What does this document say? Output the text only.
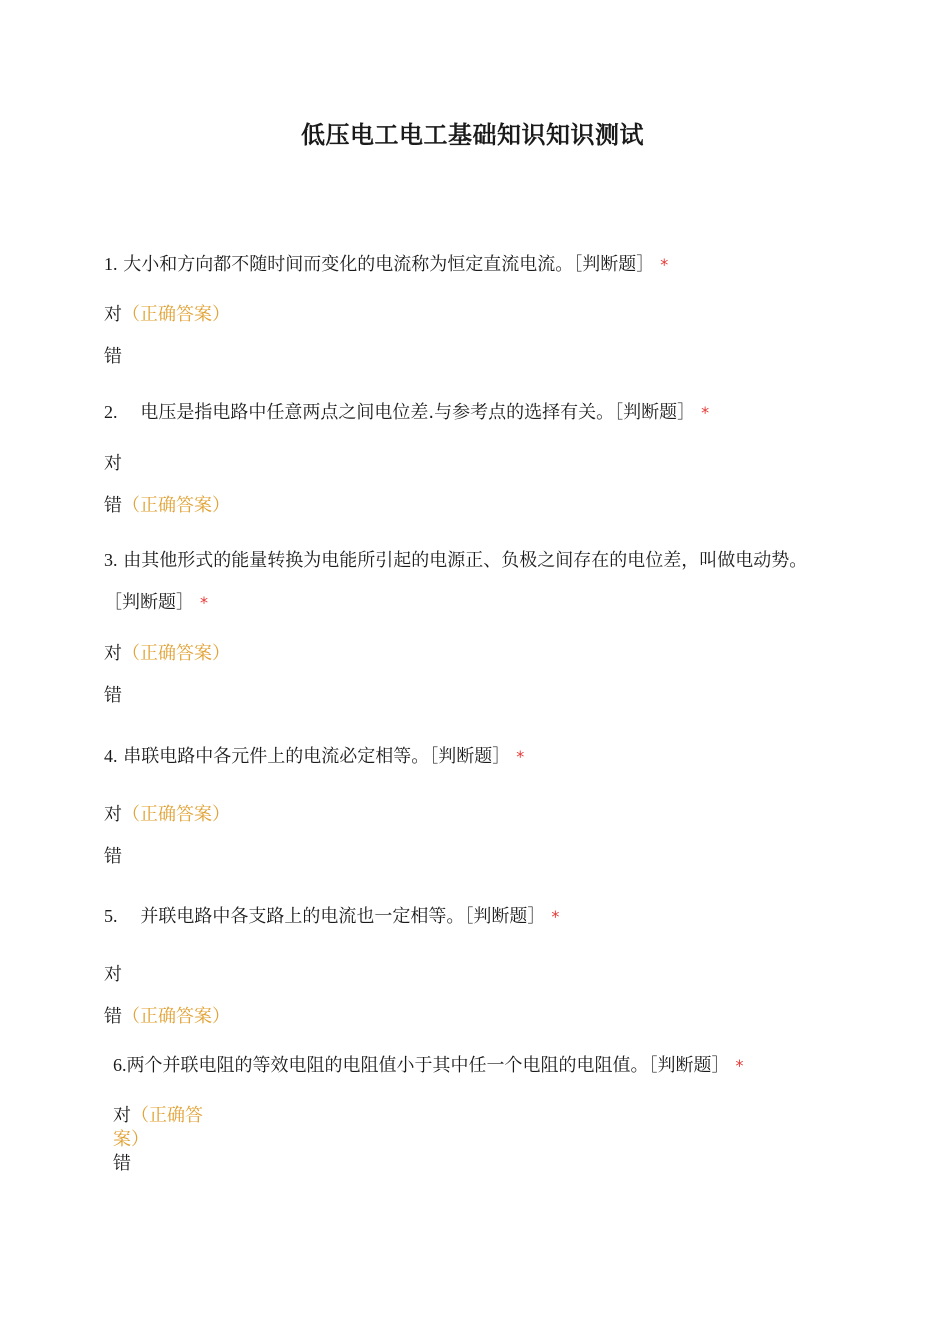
低压电工电工基础知识知识测试
1. 大小和方向都不随时间而变化的电流称为恒定直流电流。［判断题］ *
对（正确答案）
错
2. 电压是指电路中任意两点之间电位差.与参考点的选择有关。［判断题］ *
对
错（正确答案）
3. 由其他形式的能量转换为电能所引起的电源正、负极之间存在的电位差，叫做电动势。［判断题］ *
对（正确答案）
错
4. 串联电路中各元件上的电流必定相等。［判断题］ *
对（正确答案）
错
5. 并联电路中各支路上的电流也一定相等。［判断题］ *
对
错（正确答案）
6.两个并联电阻的等效电阻的电阻值小于其中任一个电阻的电阻值。［判断题］ *
对（正确答案）
错
